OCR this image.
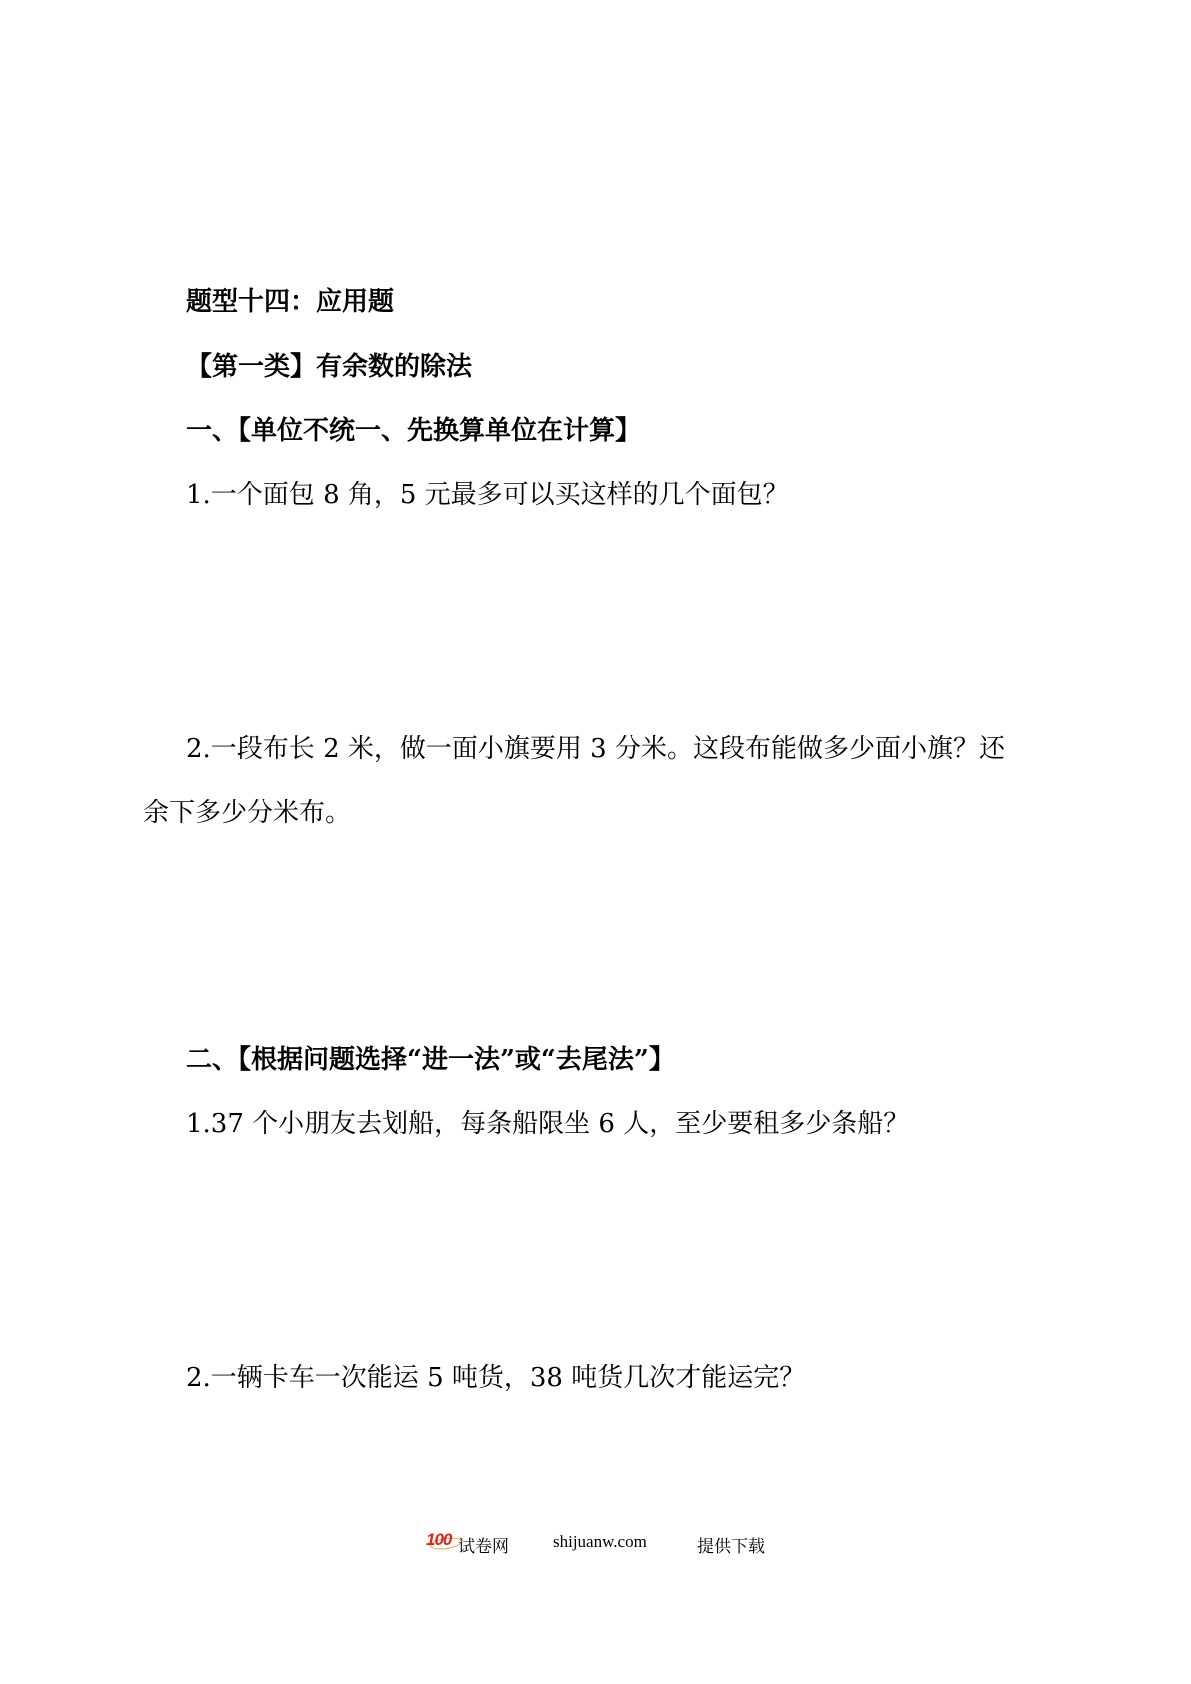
题型十四：应用题
【第一类】有余数的除法
一、【单位不统一、先换算单位在计算】
1.一个面包 8 角，5 元最多可以买这样的几个面包？
2.一段布长 2 米，做一面小旗要用 3 分米。这段布能做多少面小旗？还
余下多少分米布。
二、【根据问题选择“进一法”或“去尾法”】
1.37 个小朋友去划船，每条船限坐 6 人，至少要租多少条船？
2.一辆卡车一次能运 5 吨货，38 吨货几次才能运完？
100 试卷网	shijuanw.com	提供下载
